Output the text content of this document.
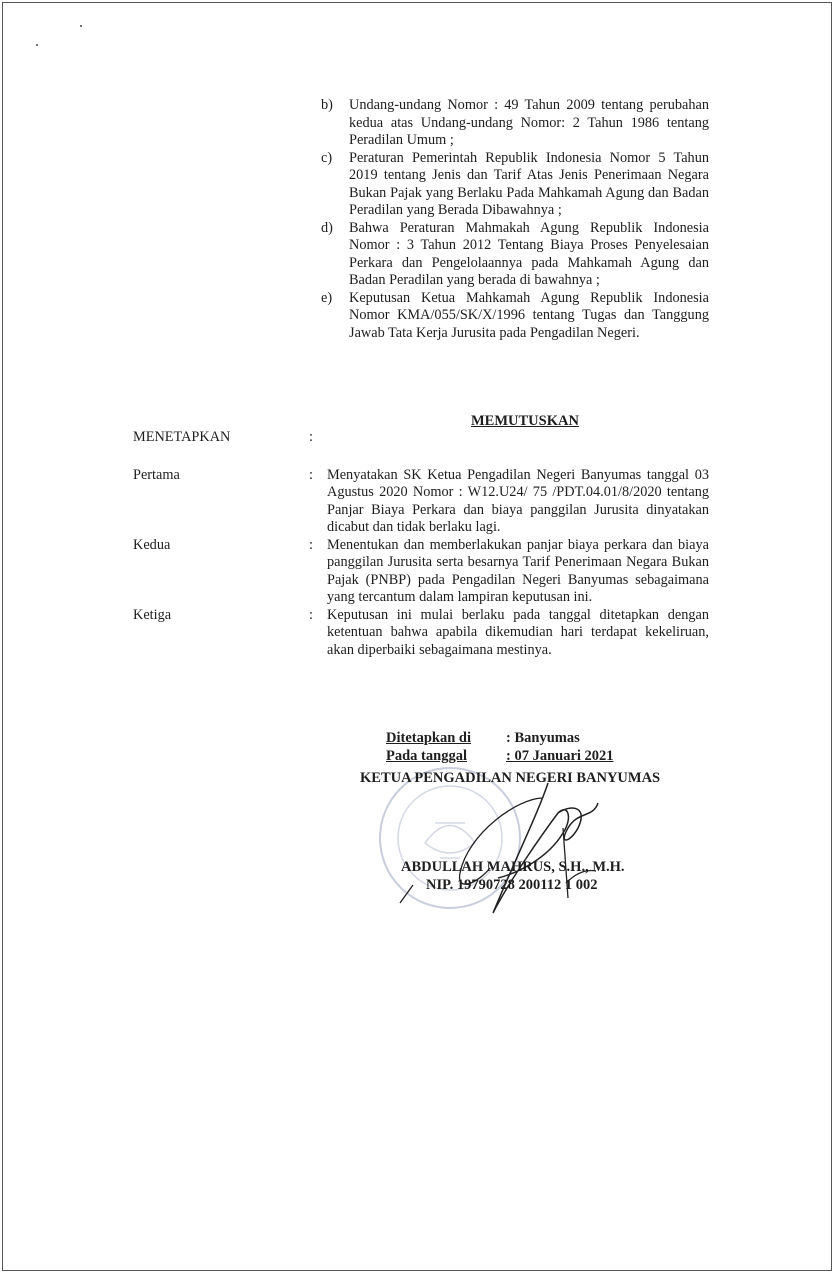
b)	Undang-undang Nomor : 49 Tahun 2009 tentang perubahan kedua atas Undang-undang Nomor: 2 Tahun 1986 tentang Peradilan Umum ;
c)	Peraturan Pemerintah Republik Indonesia Nomor 5 Tahun 2019 tentang Jenis dan Tarif Atas Jenis Penerimaan Negara Bukan Pajak yang Berlaku Pada Mahkamah Agung dan Badan Peradilan yang Berada Dibawahnya ;
d)	Bahwa Peraturan Mahmakah Agung Republik Indonesia Nomor : 3 Tahun 2012 Tentang Biaya Proses Penyelesaian Perkara dan Pengelolaannya pada Mahkamah Agung dan Badan Peradilan yang berada di bawahnya ;
e)	Keputusan Ketua Mahkamah Agung Republik Indonesia Nomor KMA/055/SK/X/1996 tentang Tugas dan Tanggung Jawab Tata Kerja Jurusita pada Pengadilan Negeri.
MEMUTUSKAN
MENETAPKAN	:
Pertama	: Menyatakan SK Ketua Pengadilan Negeri Banyumas tanggal 03 Agustus 2020 Nomor : W12.U24/ 75 /PDT.04.01/8/2020 tentang Panjar Biaya Perkara dan biaya panggilan Jurusita dinyatakan dicabut dan tidak berlaku lagi.
Kedua	: Menentukan dan memberlakukan panjar biaya perkara dan biaya panggilan Jurusita serta besarnya Tarif Penerimaan Negara Bukan Pajak (PNBP) pada Pengadilan Negeri Banyumas sebagaimana yang tercantum dalam lampiran keputusan ini.
Ketiga	: Keputusan ini mulai berlaku pada tanggal ditetapkan dengan ketentuan bahwa apabila dikemudian hari terdapat kekeliruan, akan diperbaiki sebagaimana mestinya.
Ditetapkan di	: Banyumas
Pada tanggal	: 07 Januari 2021
KETUA PENGADILAN NEGERI BANYUMAS
ABDULLAH MAHRUS, S.H., M.H.
NIP. 19790728 200112 1 002
